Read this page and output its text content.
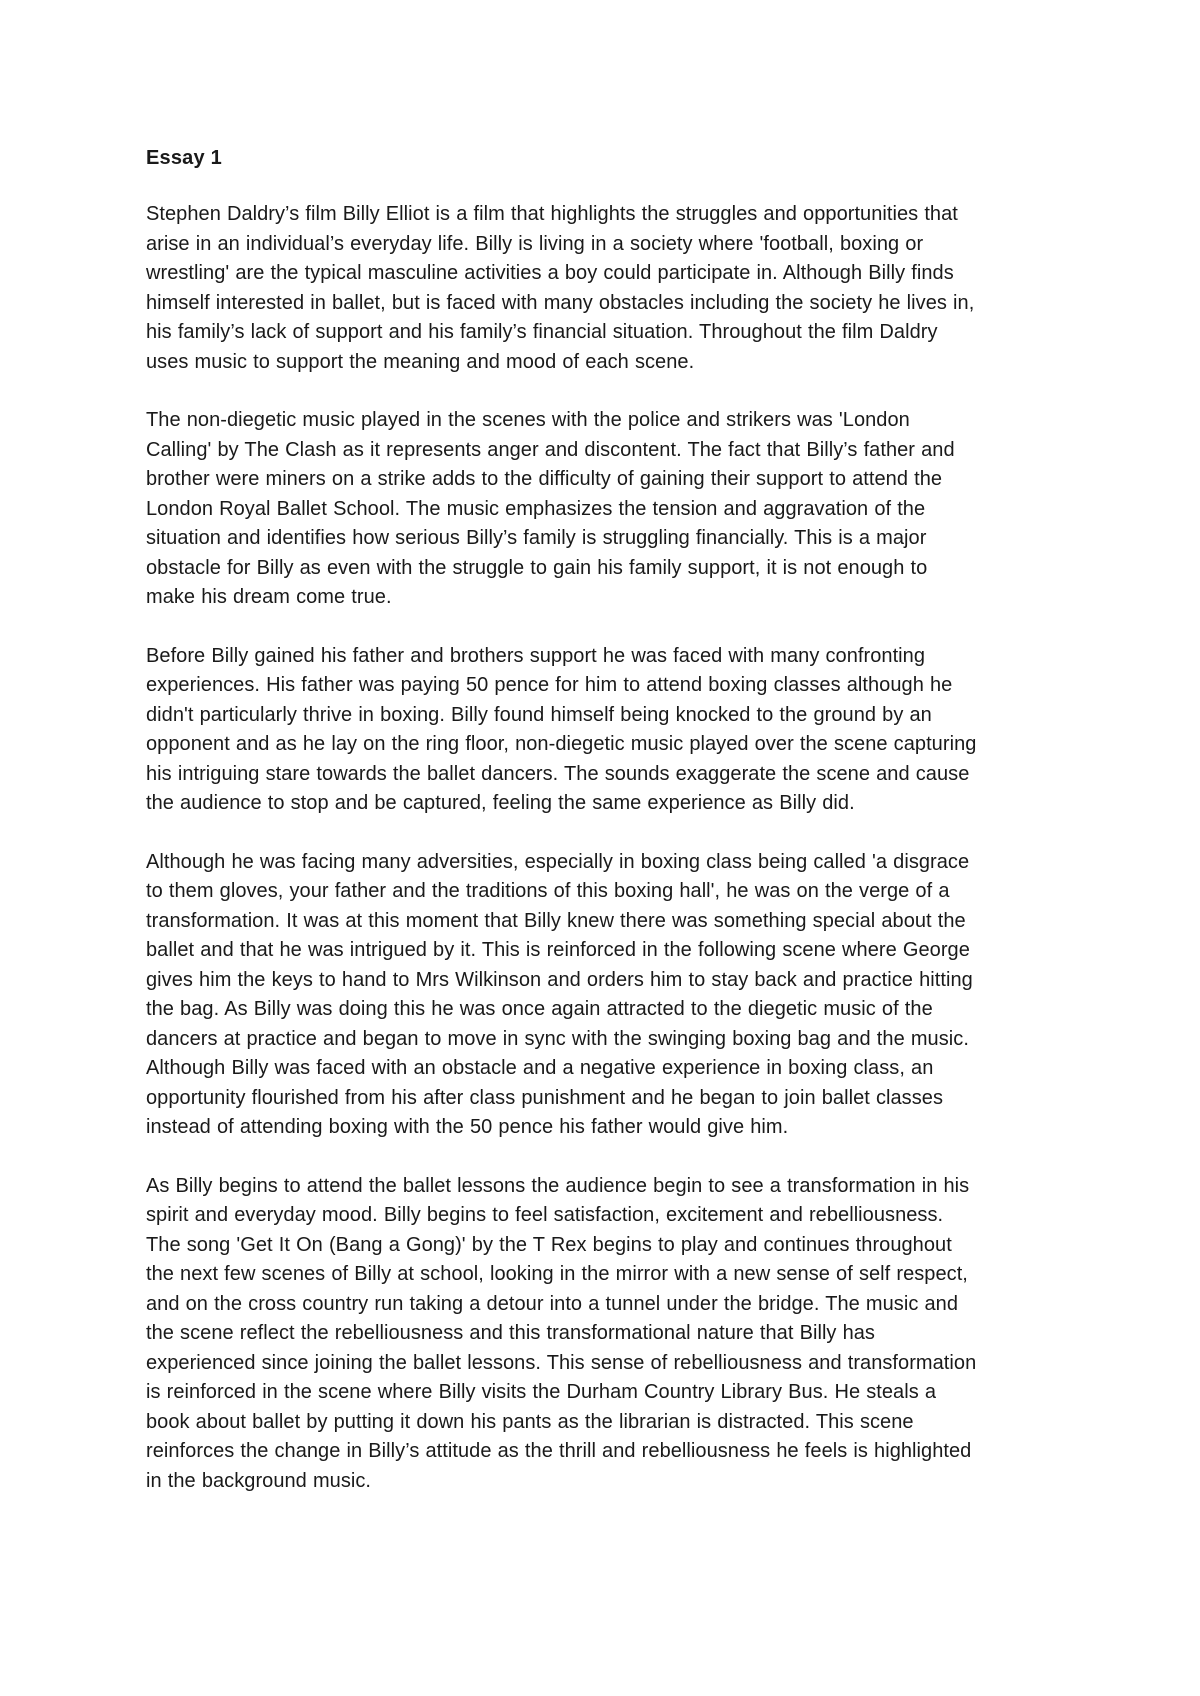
Essay 1
Stephen Daldry’s film Billy Elliot is a film that highlights the struggles and opportunities that
arise in an individual’s everyday life. Billy is living in a society where 'football, boxing or
wrestling' are the typical masculine activities a boy could participate in. Although Billy finds
himself interested in ballet, but is faced with many obstacles including the society he lives in,
his family’s lack of support and his family’s financial situation. Throughout the film Daldry
uses music to support the meaning and mood of each scene.
The non-diegetic music played in the scenes with the police and strikers was 'London
Calling' by The Clash as it represents anger and discontent. The fact that Billy’s father and
brother were miners on a strike adds to the difficulty of gaining their support to attend the
London Royal Ballet School. The music emphasizes the tension and aggravation of the
situation and identifies how serious Billy’s family is struggling financially. This is a major
obstacle for Billy as even with the struggle to gain his family support, it is not enough to
make his dream come true.
Before Billy gained his father and brothers support he was faced with many confronting
experiences. His father was paying 50 pence for him to attend boxing classes although he
didn't particularly thrive in boxing. Billy found himself being knocked to the ground by an
opponent and as he lay on the ring floor, non-diegetic music played over the scene capturing
his intriguing stare towards the ballet dancers. The sounds exaggerate the scene and cause
the audience to stop and be captured, feeling the same experience as Billy did.
Although he was facing many adversities, especially in boxing class being called 'a disgrace
to them gloves, your father and the traditions of this boxing hall', he was on the verge of a
transformation. It was at this moment that Billy knew there was something special about the
ballet and that he was intrigued by it. This is reinforced in the following scene where George
gives him the keys to hand to Mrs Wilkinson and orders him to stay back and practice hitting
the bag. As Billy was doing this he was once again attracted to the diegetic music of the
dancers at practice and began to move in sync with the swinging boxing bag and the music.
Although Billy was faced with an obstacle and a negative experience in boxing class, an
opportunity flourished from his after class punishment and he began to join ballet classes
instead of attending boxing with the 50 pence his father would give him.
As Billy begins to attend the ballet lessons the audience begin to see a transformation in his
spirit and everyday mood. Billy begins to feel satisfaction, excitement and rebelliousness.
The song 'Get It On (Bang a Gong)' by the T Rex begins to play and continues throughout
the next few scenes of Billy at school, looking in the mirror with a new sense of self respect,
and on the cross country run taking a detour into a tunnel under the bridge. The music and
the scene reflect the rebelliousness and this transformational nature that Billy has
experienced since joining the ballet lessons. This sense of rebelliousness and transformation
is reinforced in the scene where Billy visits the Durham Country Library Bus. He steals a
book about ballet by putting it down his pants as the librarian is distracted. This scene
reinforces the change in Billy’s attitude as the thrill and rebelliousness he feels is highlighted
in the background music.
